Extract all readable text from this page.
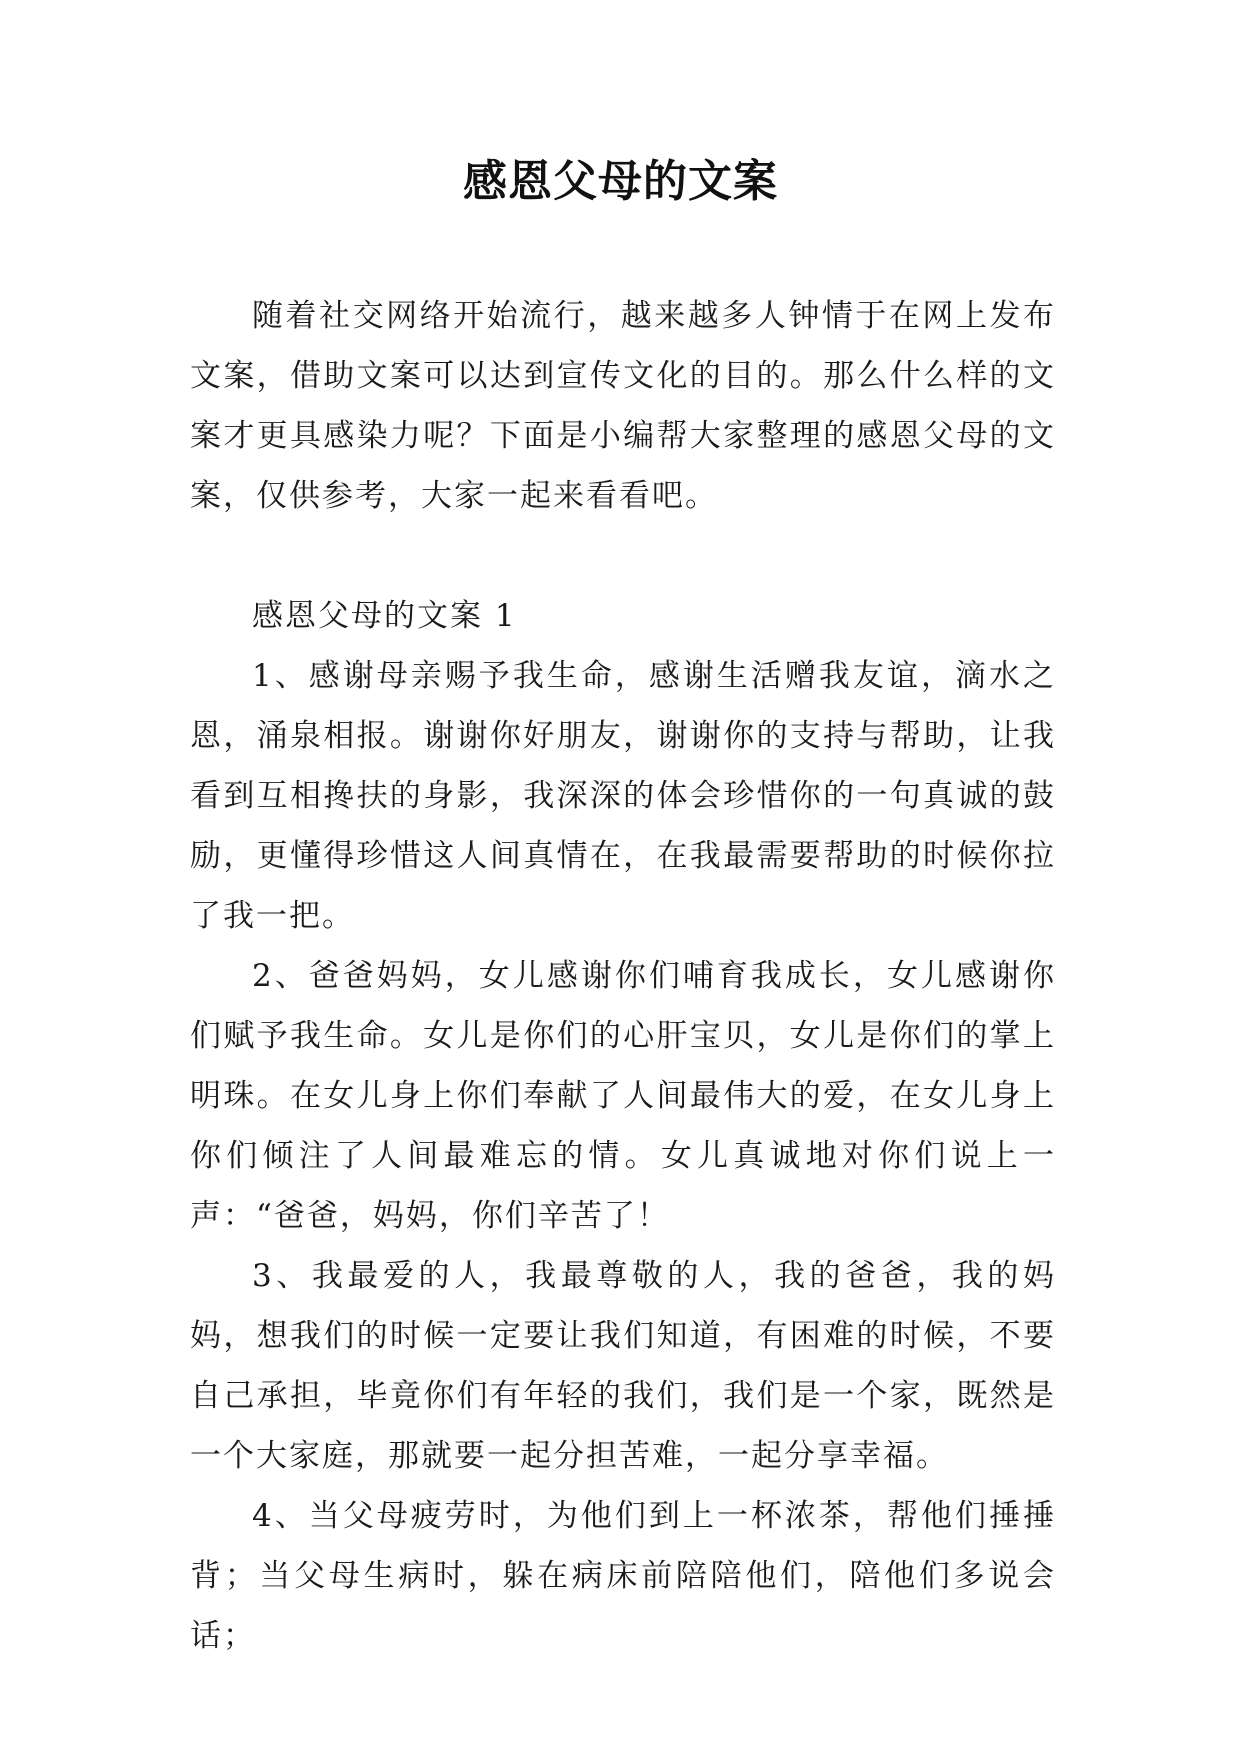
感恩父母的文案

随着社交网络开始流行，越来越多人钟情于在网上发布文案，借助文案可以达到宣传文化的目的。那么什么样的文案才更具感染力呢？下面是小编帮大家整理的感恩父母的文案，仅供参考，大家一起来看看吧。

感恩父母的文案 1

1、感谢母亲赐予我生命，感谢生活赠我友谊，滴水之恩，涌泉相报。谢谢你好朋友，谢谢你的支持与帮助，让我看到互相搀扶的身影，我深深的体会珍惜你的一句真诚的鼓励，更懂得珍惜这人间真情在，在我最需要帮助的时候你拉了我一把。

2、爸爸妈妈，女儿感谢你们哺育我成长，女儿感谢你们赋予我生命。女儿是你们的心肝宝贝，女儿是你们的掌上明珠。在女儿身上你们奉献了人间最伟大的爱，在女儿身上你们倾注了人间最难忘的情。女儿真诚地对你们说上一声：“爸爸，妈妈，你们辛苦了！

3、我最爱的人，我最尊敬的人，我的爸爸，我的妈妈，想我们的时候一定要让我们知道，有困难的时候，不要自己承担，毕竟你们有年轻的我们，我们是一个家，既然是一个大家庭，那就要一起分担苦难，一起分享幸福。

4、当父母疲劳时，为他们到上一杯浓茶，帮他们捶捶背；当父母生病时，躲在病床前陪陪他们，陪他们多说会话；
